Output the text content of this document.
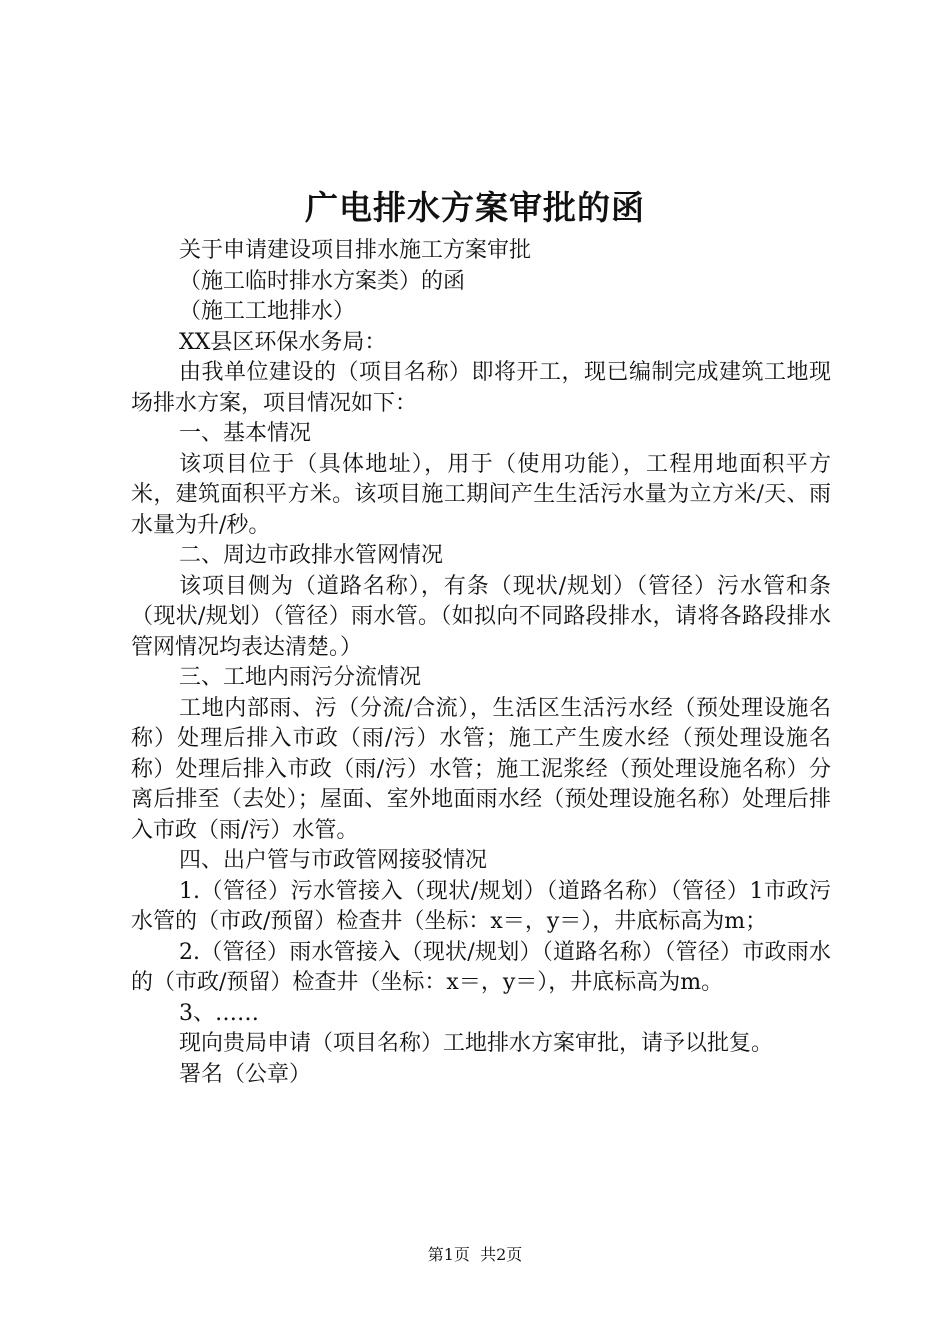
广电排水方案审批的函

关于申请建设项目排水施工方案审批

（施工临时排水方案类）的函

（施工工地排水）

XX县区环保水务局：

由我单位建设的（项目名称）即将开工，现已编制完成建筑工地现场排水方案，项目情况如下：

一、基本情况

该项目位于（具体地址），用于（使用功能），工程用地面积平方米，建筑面积平方米。该项目施工期间产生生活污水量为立方米/天、雨水量为升/秒。

二、周边市政排水管网情况

该项目侧为（道路名称），有条（现状/规划）（管径）污水管和条（现状/规划）（管径）雨水管。（如拟向不同路段排水，请将各路段排水管网情况均表达清楚。）

三、工地内雨污分流情况

工地内部雨、污（分流/合流），生活区生活污水经（预处理设施名称）处理后排入市政（雨/污）水管；施工产生废水经（预处理设施名称）处理后排入市政（雨/污）水管；施工泥浆经（预处理设施名称）分离后排至（去处）；屋面、室外地面雨水经（预处理设施名称）处理后排入市政（雨/污）水管。

四、出户管与市政管网接驳情况

1.（管径）污水管接入（现状/规划）（道路名称）（管径）1市政污水管的（市政/预留）检查井（坐标：x＝，y＝），井底标高为m；

2.（管径）雨水管接入（现状/规划）（道路名称）（管径）市政雨水的（市政/预留）检查井（坐标：x＝，y＝），井底标高为m。

3、……

现向贵局申请（项目名称）工地排水方案审批，请予以批复。

署名（公章）

第1页 共2页
